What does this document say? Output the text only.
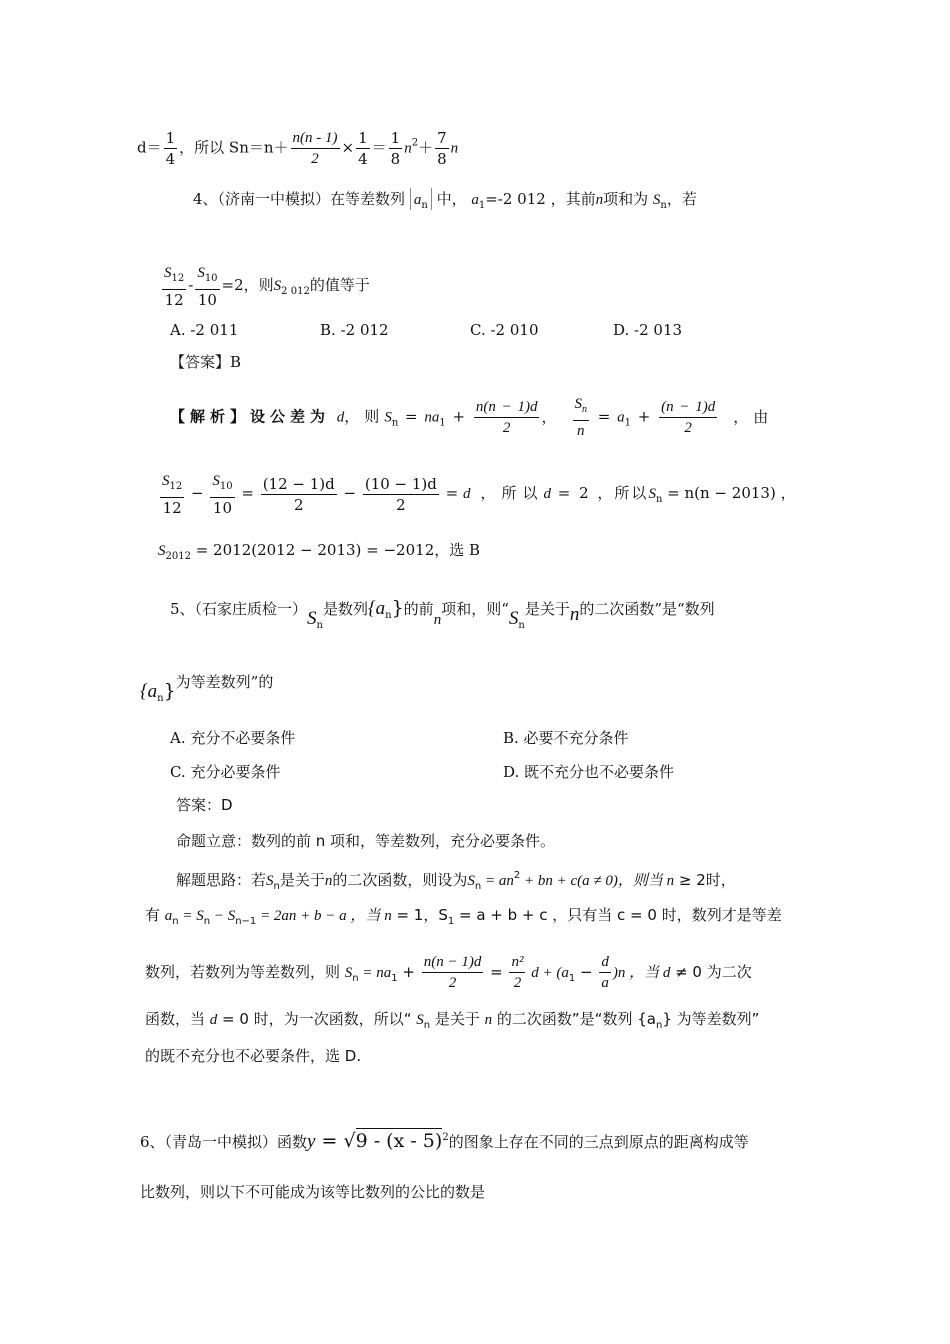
$d= \frac{1}{4}$ ，所以 $Sn=n+ \frac{n(n - 1)}{2} \times \frac{1}{4} = \frac{1}{8} n^2+ \frac{7}{8}$ n
4、（济南一中模拟）在等差数列 $a_n$ 中， $a_1=-2$ 012 ，其前n项和为 $S_n$，若
$\frac{S_{12}}{12} - \frac{S_{10}}{10} =2$，则$S_{2 012}$的值等于
A. -2 011	B. -2 012	C. -2 010	D. -2 013
【答案】B
【解析】设公差为 d，则$S_n = na_1 + \frac{n(n - 1)d}{2}$ ， $\frac{S_n}{n} = a_1 + \frac{(n - 1)d}{2}$ ，由
$\frac{S_{12}}{12} - \frac{S_{10}}{10} = \frac{(12 - 1)d}{2} - \frac{(10 - 1)d}{2} = d$ ，所以d = 2 ，所以$S_n = n(n - 2013)$ ，
$S_{2012} = 2012(2012 - 2013) = -2012$，选 B
5、（石家庄质检一）$S_n$是数列$\{a_n\}$的前n项和，则“$S_n$是关于n的二次函数”是“数列
$\{a_n\}$为等差数列”的
A. 充分不必要条件	B. 必要不充分条件
C. 充分必要条件	D. 既不充分也不必要条件
答案：D
命题立意：数列的前 n 项和，等差数列，充分必要条件。
解题思路：若$S_n$是关于n的二次函数，则设为$S_n = an^2$ + bn + c(a ≠ 0)，则当 n ≥ 2时，
有 $a_n = S_n - S_{n-1} = 2an + b - a$ ，当 n = 1，$S_1 = a + b + c$ ，只有当 c = 0 时，数列才是等差
数列，若数列为等差数列，则 $S_n = na_1 + \frac{n(n - 1)d}{2} = \frac{\text{n²}}{2}$ $d + (a_1 - \frac{d}{a} )n$ ，当 d ≠ 0 为二次
函数，当 d = 0 时，为一次函数，所以“ $S_n$ 是关于 n 的二次函数”是“数列 $\{a_n\}$ 为等差数列”
的既不充分也不必要条件，选 D.
6、（青岛一中模拟）函数y = √9 - (x - 5)$^2$的图象上存在不同的三点到原点的距离构成等
比数列，则以下不可能成为该等比数列的公比的数是
